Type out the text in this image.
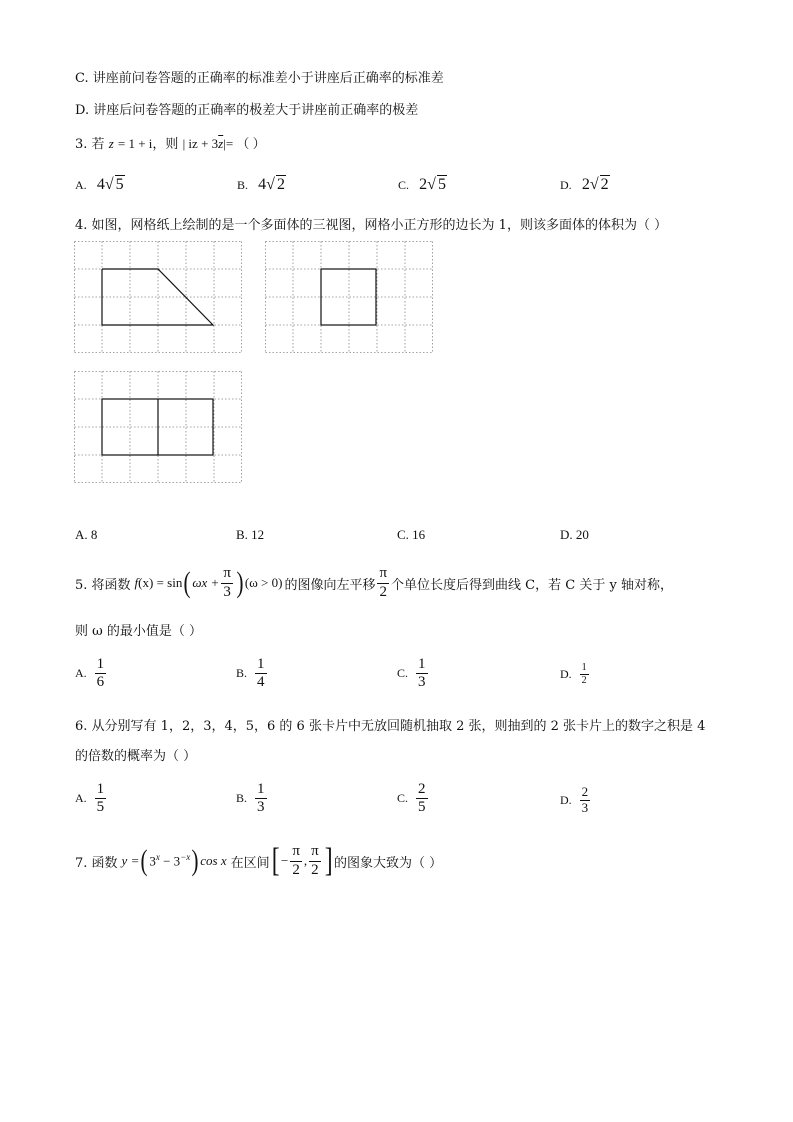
C. 讲座前问卷答题的正确率的标准差小于讲座后正确率的标准差
D. 讲座后问卷答题的正确率的极差大于讲座前正确率的极差
3. 若 z = 1 + i，则 | iz + $3\overline{z}|=$ （ ）
A. 4√ 5	B. 4√ 2	C. 2√ 5	D. 2√ 2
4. 如图，网格纸上绘制的是一个多面体的三视图，网格小正方形的边长为 1，则该多面体的体积为（ ）
A. 8	B. 12	C. 16	D. 20
5. 将函数 f (x) = sin ( $\omega x + \frac{\pi}{3}$ ) (ω > 0) 的图像向左平移 $\frac{\pi}{2}$ 个单位长度后得到曲线 C，若 C 关于 y 轴对称，
则 ω 的最小值是（ ）
A. $\frac{1}{6}$	B. $\frac{1}{4}$	C. $\frac{1}{3}$	D. $\frac{1}{2}$
6. 从分别写有 1，2，3，4，5，6 的 6 张卡片中无放回随机抽取 2 张，则抽到的 2 张卡片上的数字之积是 4
的倍数的概率为（ ）
A. $\frac{1}{5}$	B. $\frac{1}{3}$	C. $\frac{2}{5}$	D. $\frac{2}{3}$
7. 函数 y = ( $3^x - 3^{-x}$ ) cos x 在区间 [ − $\frac{\pi}{2}$ , $\frac{\pi}{2}$ ] 的图象大致为（ ）
